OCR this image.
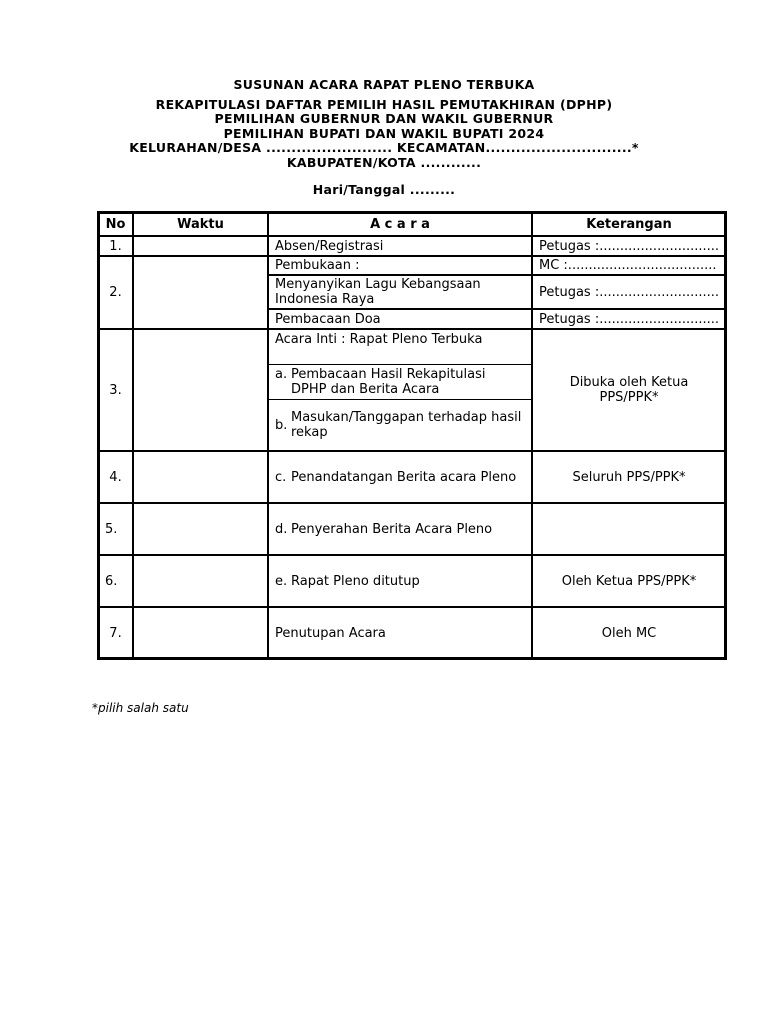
SUSUNAN ACARA RAPAT PLENO TERBUKA
REKAPITULASI DAFTAR PEMILIH HASIL PEMUTAKHIRAN (DPHP)
PEMILIHAN GUBERNUR DAN WAKIL GUBERNUR
PEMILIHAN BUPATI DAN WAKIL BUPATI 2024
KELURAHAN/DESA ......................... KECAMATAN.............................*
KABUPATEN/KOTA ............
Hari/Tanggal .........
No	Waktu	A c a r a	Keterangan
1.		Absen/Registrasi	Petugas :.............................
2.		Pembukaan :	MC :....................................
		Menyanyikan Lagu Kebangsaan Indonesia Raya	Petugas :.............................
		Pembacaan Doa	Petugas :.............................
3.		Acara Inti : Rapat Pleno Terbuka
a. Pembacaan Hasil Rekapitulasi DPHP dan Berita Acara
b. Masukan/Tanggapan terhadap hasil rekap	Dibuka oleh Ketua PPS/PPK*
4.		c. Penandatangan Berita acara Pleno	Seluruh PPS/PPK*
5.		d. Penyerahan Berita Acara Pleno	

6.		e. Rapat Pleno ditutup	Oleh Ketua PPS/PPK*
7.		Penutupan Acara	Oleh MC
*pilih salah satu
